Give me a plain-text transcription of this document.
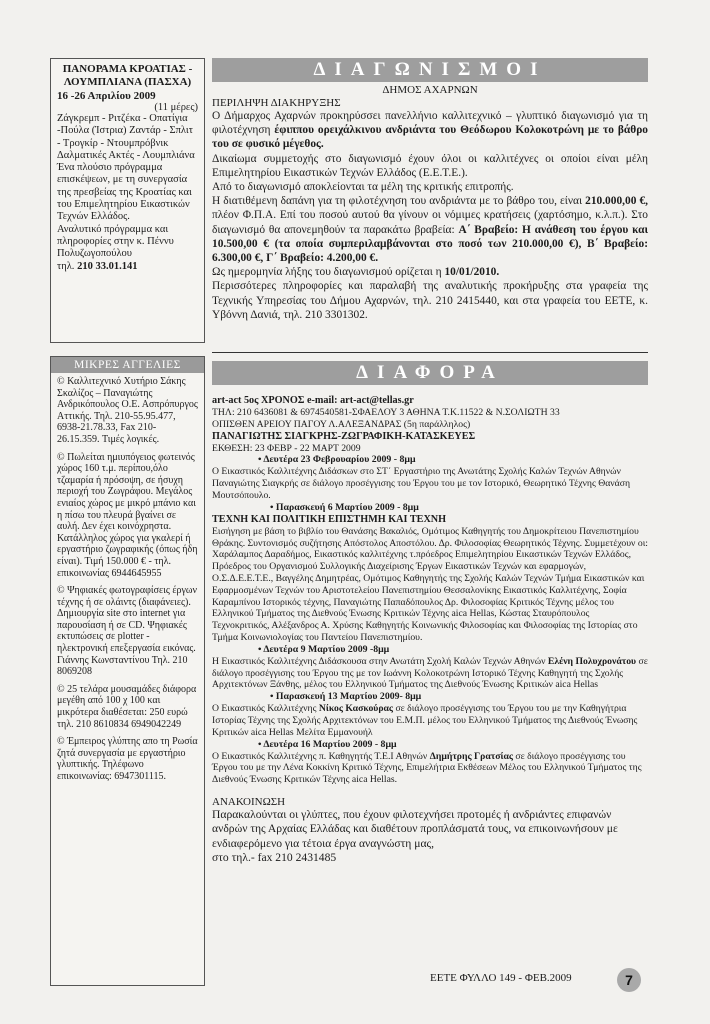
ΠΑΝΟΡΑΜΑ ΚΡΟΑΤΙΑΣ - ΛΟΥΜΠΛΙΑΝΑ (ΠΑΣΧΑ)
16 -26 Απριλίου 2009
(11 μέρες)
Ζάγκρεμπ - Ριτζέκα - Οπατίγια -Πούλα (Ίστρια) Ζαντάρ - Σπλιτ - Τρογκίρ - Ντουμπρόβνικ Δαλματικές Ακτές - Λουμπλιάνα
Ένα πλούσιο πρόγραμμα επισκέψεων, με τη συνεργασία της πρεσβείας της Κροατίας και του Επιμελητηρίου Εικαστικών Τεχνών Ελλάδος.
Αναλυτικό πρόγραμμα και πληροφορίες στην κ. Πέννυ Πολυζωγοπούλου
τηλ. 210 33.01.141
ΜΙΚΡΕΣ ΑΓΓΕΛΙΕΣ
© Καλλιτεχνικό Χυτήριο Σάκης Σκαλίζος – Παναγιώτης Ανδρικόπουλος Ο.Ε. Ασπρόπυργος Αττικής. Τηλ. 210-55.95.477, 6938-21.78.33, Fax 210-26.15.359. Τιμές λογικές.
© Πωλείται ημιυπόγειος φωτεινός χώρος 160 τ.μ. περίπου,όλο τζαμαρία ή πρόσοψη, σε ήσυχη περιοχή του Ζωγράφου. Μεγάλος ενιαίος χώρος με μικρό μπάνιο και η πίσω του πλευρά βγαίνει σε αυλή. Δεν έχει κοινόχρηστα. Κατάλληλος χώρος για γκαλερί ή εργαστήριο ζωγραφικής (όπως ήδη είναι). Τιμή 150.000 € - τηλ. επικοινωνίας 6944645955
© Ψηφιακές φωτογραφίσεις έργων τέχνης ή σε ολάιντς (διαφάνειες). Δημιουργία site στο internet για παρουσίαση ή σε CD. Ψηφιακές εκτυπώσεις σε plotter - ηλεκτρονική επεξεργασία εικόνας. Γιάννης Κωνσταντίνου Τηλ. 210 8069208
© 25 τελάρα μουσαμάδες διάφορα μεγέθη από 100 χ 100 και μικρότερα διαθέσεται: 250 ευρώ τηλ. 210 8610834 6949042249
© Έμπειρος γλύπτης απο τη Ρωσία ζητά συνεργασία με εργαστήριο γλυπτικής. Τηλέφωνο επικοινωνίας: 6947301115.
ΔΙΑΓΩΝΙΣΜΟΙ
ΔΗΜΟΣ ΑΧΑΡΝΩΝ
ΠΕΡΙΛΗΨΗ ΔΙΑΚΗΡΥΞΗΣ
Ο Δήμαρχος Αχαρνών προκηρύσσει πανελλήνιο καλλιτεχνικό – γλυπτικό διαγωνισμό για τη φιλοτέχνηση έφιππου ορειχάλκινου ανδριάντα του Θεόδωρου Κολοκοτρώνη με το βάθρο του σε φυσικό μέγεθος.
Δικαίωμα συμμετοχής στο διαγωνισμό έχουν όλοι οι καλλιτέχνες οι οποίοι είναι μέλη Επιμελητηρίου Εικαστικών Τεχνών Ελλάδος (Ε.Ε.Τ.Ε.).
Από το διαγωνισμό αποκλείονται τα μέλη της κριτικής επιτροπής.
Η διατιθέμενη δαπάνη για τη φιλοτέχνηση του ανδριάντα με το βάθρο του, είναι 210.000,00 €, πλέον Φ.Π.Α. Επί του ποσού αυτού θα γίνουν οι νόμιμες κρατήσεις (χαρτόσημο, κ.λ.π.). Στο διαγωνισμό θα απονεμηθούν τα παρακάτω βραβεία: Α΄ Βραβείο: Η ανάθεση του έργου και 10.500,00 € (τα οποία συμπεριλαμβάνονται στο ποσό των 210.000,00 €), Β΄ Βραβείο: 6.300,00 €, Γ΄ Βραβείο: 4.200,00 €.
Ως ημερομηνία λήξης του διαγωνισμού ορίζεται η 10/01/2010.
Περισσότερες πληροφορίες και παραλαβή της αναλυτικής προκήρυξης στα γραφεία της Τεχνικής Υπηρεσίας του Δήμου Αχαρνών, τηλ. 210 2415440, και στα γραφεία του ΕΕΤΕ, κ. Υβόννη Δανιά, τηλ. 210 3301302.
ΔΙΑΦΟΡΑ
art-act 5ος ΧΡΟΝΟΣ e-mail: art-act@tellas.gr
ΤΗΛ: 210 6436081 & 6974540581-ΣΦΑΕΛΟΥ 3 ΑΘΗΝΑ Τ.Κ.11522 & Ν.ΣΟΛΙΩΤΗ 33
ΟΠΙΣΘΕΝ ΑΡΕΙΟΥ ΠΑΓΟΥ Λ.ΑΛΕΞΑΝΔΡΑΣ (5η παράλληλος)
ΠΑΝΑΓΙΩΤΗΣ ΣΙΑΓΚΡΗΣ-ΖΩΓΡΑΦΙΚΗ-ΚΑΤΑΣΚΕΥΕΣ
ΕΚΘΕΣΗ: 23 ΦΕΒΡ - 22 ΜΑΡΤ 2009
• Δευτέρα 23 Φεβρουαρίου 2009 - 8μμ
Ο Εικαστικός Καλλιτέχνης Διδάσκων στο ΣΤ΄ Εργαστήριο της Ανωτάτης Σχολής Καλών Τεχνών Αθηνών Παναγιώτης Σιαγκρής σε διάλογο προσέγγισης του Έργου του με τον Ιστορικό, Θεωρητικό Τέχνης Θανάση Μουτσόπουλο.
• Παρασκευή 6 Μαρτίου 2009 - 8μμ
ΤΕΧΝΗ ΚΑΙ ΠΟΛΙΤΙΚΗ ΕΠΙΣΤΗΜΗ ΚΑΙ ΤΕΧΝΗ
Εισήγηση με βάση το βιβλίο του Θανάσης Βακαλιός, Ομότιμος Καθηγητής του Δημοκρίτειου Πανεπιστημίου Θράκης. Συντονισμός συζήτησης Απόστολος Αποστόλου. Δρ. Φιλοσοφίας Θεωρητικός Τέχνης. Συμμετέχουν οι: Χαράλαμπος Δαραδήμος, Εικαστικός καλλιτέχνης τ.πρόεδρος Επιμελητηρίου Εικαστικών Τεχνών Ελλάδος, Πρόεδρος του Οργανισμού Συλλογικής Διαχείρισης Έργων Εικαστικών Τεχνών και εφαρμογών, Ο.Σ.Δ.Ε.Ε.Τ.Ε., Βαγγέλης Δημητρέας, Ομότιμος Καθηγητής της Σχολής Καλών Τεχνών Τμήμα Εικαστικών και Εφαρμοσμένων Τεχνών του Αριστοτελείου Πανεπιστημίου Θεσσαλονίκης Εικαστικός Καλλιτέχνης, Σοφία Καραμπίνου Ιστορικός τέχνης, Παναγιώτης Παπαδόπουλος Δρ. Φιλοσοφίας Κριτικός Τέχνης μέλος του Ελληνικού Τμήματος της Διεθνούς Ένωσης Κριτικών Τέχνης aica Hellas, Κώστας Σταυρόπουλος Τεχνοκριτικός, Αλέξανδρος Α. Χρύσης Καθηγητής Κοινωνικής Φιλοσοφίας και Φιλοσοφίας της Ιστορίας στο Τμήμα Κοινωνιολογίας του Παντείου Πανεπιστημίου.
• Δευτέρα 9 Μαρτίου 2009 -8μμ
Η Εικαστικός Καλλιτέχνης Διδάσκουσα στην Ανωτάτη Σχολή Καλών Τεχνών Αθηνών Ελένη Πολυχρονάτου σε διάλογο προσέγγισης του Έργου της με τον Ιωάννη Κολοκοτρώνη Ιστορικό Τέχνης Καθηγητή της Σχολής Αρχιτεκτόνων Ξάνθης, μέλος του Ελληνικού Τμήματος της Διεθνούς Ένωσης Κριτικών aica Hellas
• Παρασκευή 13 Μαρτίου 2009- 8μμ
Ο Εικαστικός Καλλιτέχνης Νίκος Κασκούρας σε διάλογο προσέγγισης του Έργου του με την Καθηγήτρια Ιστορίας Τέχνης της Σχολής Αρχιτεκτόνων του Ε.Μ.Π. μέλος του Ελληνικού Τμήματος της Διεθνούς Ένωσης Κριτικών aica Hellas Μελίτα Εμμανουήλ
• Δευτέρα 16 Μαρτίου 2009 - 8μμ
Ο Εικαστικός Καλλιτέχνης π. Καθηγητής Τ.Ε.Ι Αθηνών Δημήτρης Γρατσίας σε διάλογο προσέγγισης του Έργου του με την Λένα Κοκκίνη Κριτικό Τέχνης, Επιμελήτρια Εκθέσεων Μέλος του Ελληνικού Τμήματος της Διεθνούς Ένωσης Κριτικών Τέχνης aica Hellas.
ΑΝΑΚΟΙΝΩΣΗ
Παρακαλούνται οι γλύπτες, που έχουν φιλοτεχνήσει προτομές ή ανδριάντες επιφανών ανδρών της Αρχαίας Ελλάδας και διαθέτουν προπλάσματά τους, να επικοινωνήσουν με ενδιαφερόμενο για τέτοια έργα αναγνώστη μας,
στο τηλ.- fax 210 2431485
ΕΕΤΕ ΦΥΛΛΟ 149 - ΦΕΒ.2009	7
